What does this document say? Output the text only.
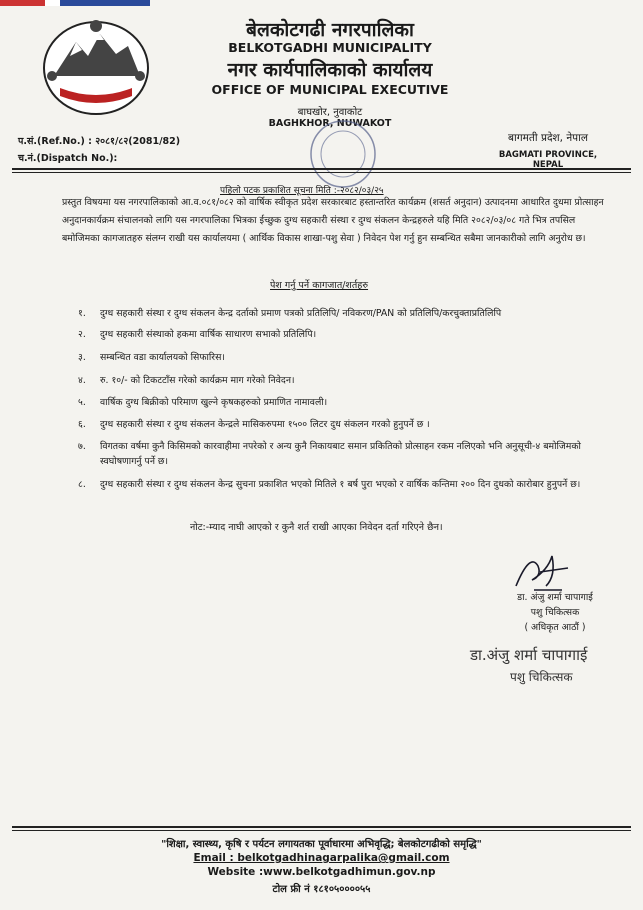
बेलकोटगढी नगरपालिका
BELKOTGADHI MUNICIPALITY
नगर कार्यपालिकाको कार्यालय
OFFICE OF MUNICIPAL EXECUTIVE
बाघखोर, नुवाकोट
BAGHKHOR, NUWAKOT
प.सं.(Ref.No.) : २०८१/८२(2081/82)
च.नं.(Dispatch No.):
बागमती प्रदेश, नेपाल
BAGMATI PROVINCE, NEPAL
पहिलो पटक प्रकाशित सूचना मिति :-२०८२/०३/२५
प्रस्तुत विषयमा यस नगरपालिकाको आ.व.०८१/०८२ को वार्षिक स्वीकृत प्रदेश सरकारबाट हस्तान्तरित कार्यक्रम (शसर्त अनुदान) उत्पादनमा आधारित दुधमा प्रोत्साहन अनुदानकार्यक्रम संचालनको लागि यस नगरपालिका भित्रका ईच्छुक दुग्ध सहकारी संस्था र दुग्ध संकलन केन्द्रहरुले यहि मिति २०८२/०३/०८ गते भित्र तपसिल बमोजिमका कागजातहरु संलग्न राखी यस कार्यालयमा ( आर्थिक विकास शाखा-पशु सेवा ) निवेदन पेश गर्नु हुन सम्बन्धित सबैमा जानकारीको लागि अनुरोध छ।
पेश गर्नु पर्ने कागजात/शर्तहरु
१.	दुग्ध सहकारी संस्था र दुग्ध संकलन केन्द्र दर्ताको प्रमाण पत्रको प्रतिलिपि/ नविकरण/PAN को प्रतिलिपि/करचुक्ताप्रतिलिपि
२.	दुग्ध सहकारी संस्थाको हकमा वार्षिक साधारण सभाको प्रतिलिपि।
३.	सम्बन्धित वडा कार्यालयको सिफारिस।
४.	रु. १०/- को टिकटटाँस गरेको कार्यक्रम माग गरेको निवेदन।
५.	वार्षिक दुग्ध बिक्रीको परिमाण खुल्ने कृषकहरुको प्रमाणित नामावली।
६.	दुग्ध सहकारी संस्था र दुग्ध संकलन केन्द्रले मासिकरुपमा १५०० लिटर दुध संकलन गरको हुनुपर्ने छ ।
७.	विगतका वर्षमा कुनै किसिमको कारवाहीमा नपरेको र अन्य कुनै निकायबाट समान प्रकितिको प्रोत्साहन रकम नलिएको भनि अनुसूची-४ बमोजिमको स्वघोषणागर्नु पर्ने छ।
८.	दुग्ध सहकारी संस्था र दुग्ध संकलन केन्द्र सुचना प्रकाशित भएको मितिले १ बर्ष पुरा भएको र वार्षिक कन्तिमा २०० दिन दुधको कारोबार हुनुपर्ने छ।
नोट:-म्याद नाघी आएको र कुनै शर्त राखी आएका निवेदन दर्ता गरिएने छैन।
डा. अंजु शर्मा चापागाई
पशु चिकित्सक
( अधिकृत आठौं )
डा.अंजु शर्मा चापागाई
पशु चिकित्सक
"शिक्षा, स्वास्थ्य, कृषि र पर्यटन लगायतका पूर्वाधारमा अभिवृद्धि; बेलकोटगढीको समृद्धि"
Email : belkotgadhinagarpalika@gmail.com
Website :www.belkotgadhimun.gov.np
टोल फ्री नं १८१०५००००५५
